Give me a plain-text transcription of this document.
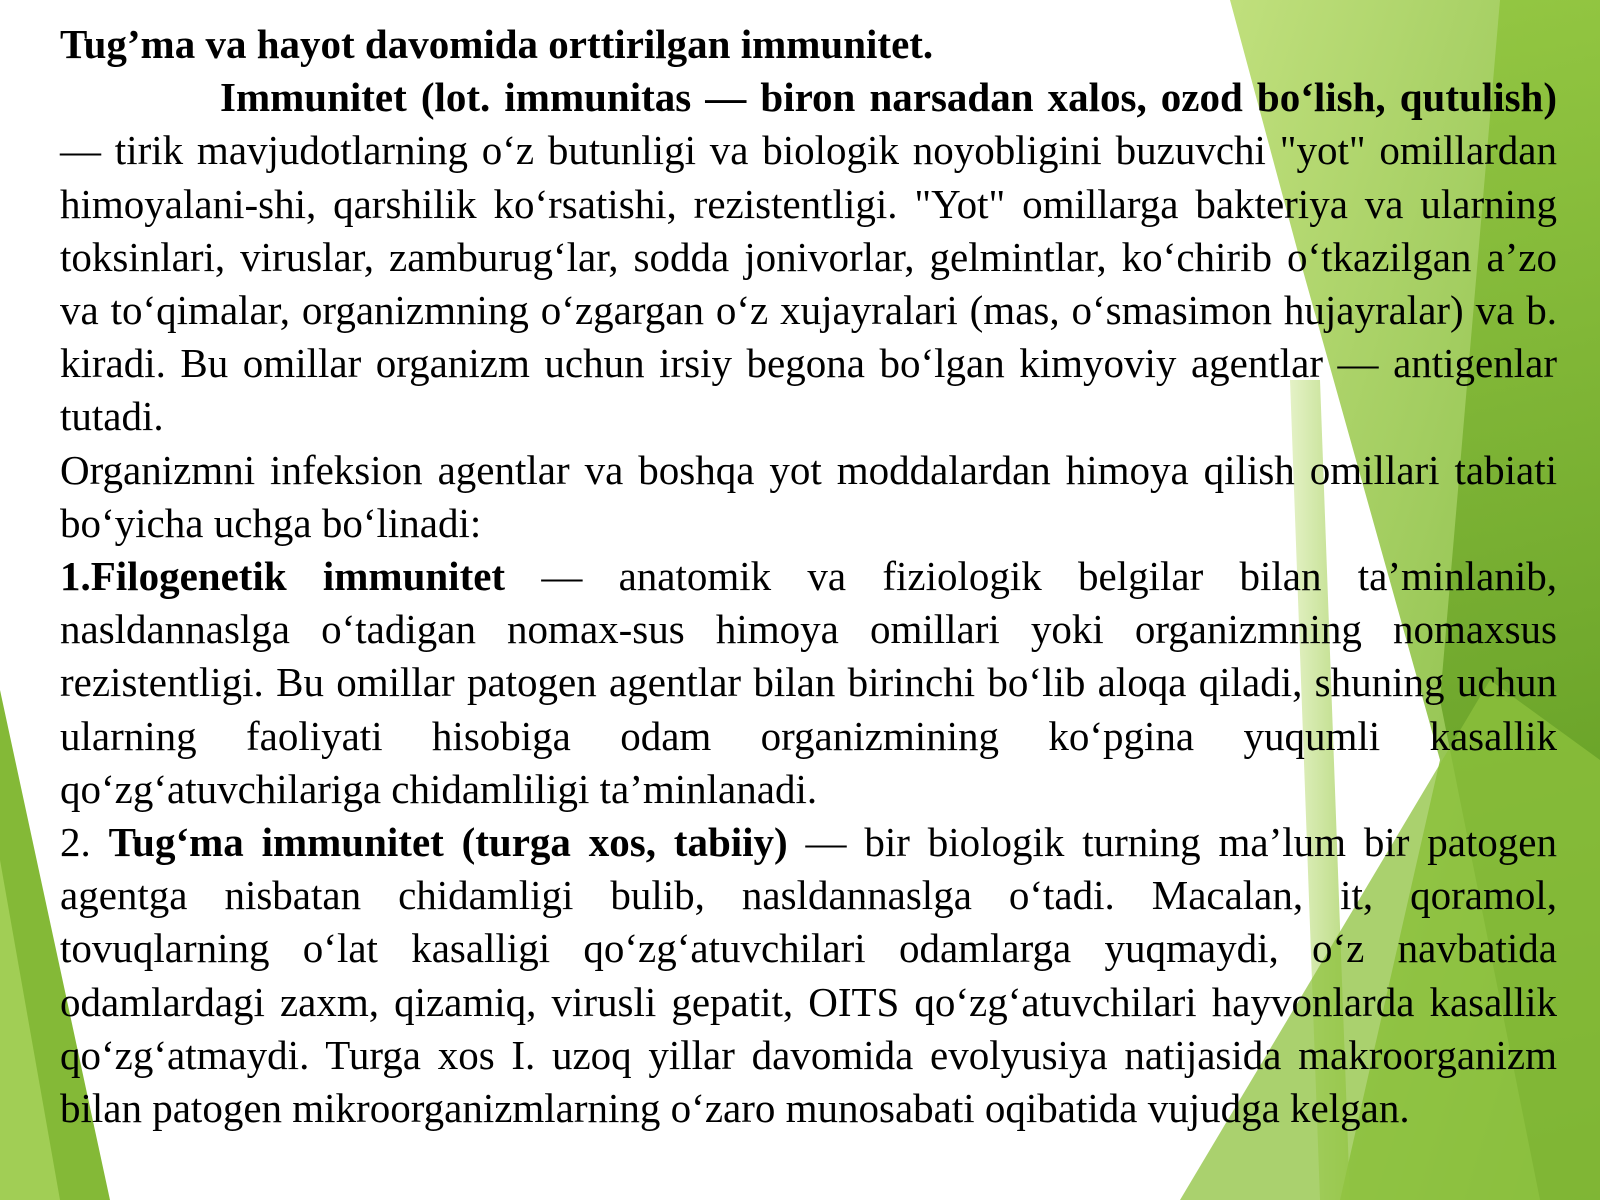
Tug’ma va hayot davomida orttirilgan immunitet.

Immunitet (lot. immunitas — biron narsadan xalos, ozod bo‘lish, qutulish) — tirik mavjudotlarning o‘z butunligi va biologik noyobligini buzuvchi "yot" omillardan himoyalani-shi, qarshilik ko‘rsatishi, rezistentligi. "Yot" omillarga bakteriya va ularning toksinlari, viruslar, zamburug‘lar, sodda jonivorlar, gelmintlar, ko‘chirib o‘tkazilgan a’zo va to‘qimalar, organizmning o‘zgargan o‘z xujayralari (mas, o‘smasimon hujayralar) va b. kiradi. Bu omillar organizm uchun irsiy begona bo‘lgan kimyoviy agentlar — antigenlar tutadi.

Organizmni infeksion agentlar va boshqa yot moddalardan himoya qilish omillari tabiati bo‘yicha uchga bo‘linadi:

1.Filogenetik immunitet — anatomik va fiziologik belgilar bilan ta’minlanib, nasldannaslga o‘tadigan nomax-sus himoya omillari yoki organizmning nomaxsus rezistentligi. Bu omillar patogen agentlar bilan birinchi bo‘lib aloqa qiladi, shuning uchun ularning faoliyati hisobiga odam organizmining ko‘pgina yuqumli kasallik qo‘zg‘atuvchilariga chidamliligi ta’minlanadi.

2. Tug‘ma immunitet (turga xos, tabiiy) — bir biologik turning ma’lum bir patogen agentga nisbatan chidamligi bulib, nasldannaslga o‘tadi. Macalan, it, qoramol, tovuqlarning o‘lat kasalligi qo‘zg‘atuvchilari odamlarga yuqmaydi, o‘z navbatida odamlardagi zaxm, qizamiq, virusli gepatit, OITS qo‘zg‘atuvchilari hayvonlarda kasallik qo‘zg‘atmaydi. Turga xos I. uzoq yillar davomida evolyusiya natijasida makroorganizm bilan patogen mikroorganizmlarning o‘zaro munosabati oqibatida vujudga kelgan.
